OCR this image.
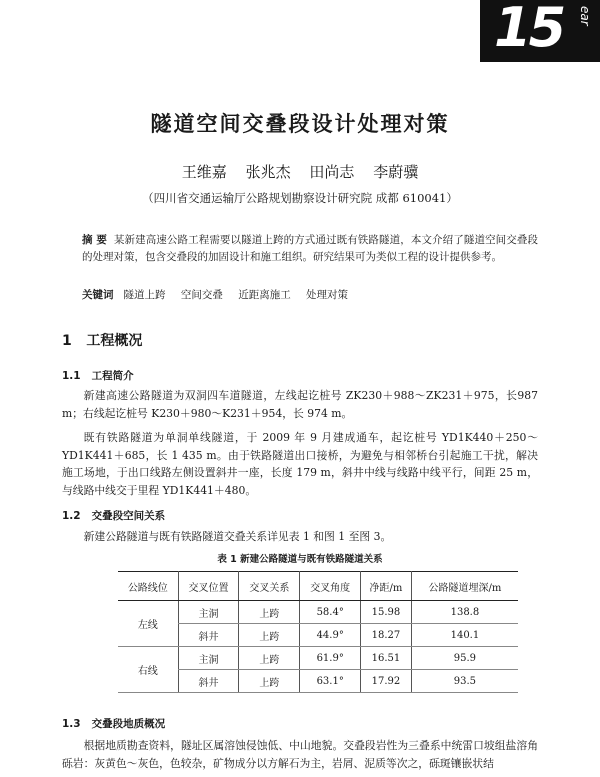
15 ear
隧道空间交叠段设计处理对策
王维嘉 张兆杰 田尚志 李蔚骥
（四川省交通运输厅公路规划勘察设计研究院 成都 610041）
摘 要 某新建高速公路工程需要以隧道上跨的方式通过既有铁路隧道，本文介绍了隧道空间交叠段的处理对策，包含交叠段的加固设计和施工组织。研究结果可为类似工程的设计提供参考。
关键词 隧道上跨 空间交叠 近距离施工 处理对策
1 工程概况
1.1 工程简介
新建高速公路隧道为双洞四车道隧道，左线起讫桩号 ZK230＋988～ZK231＋975，长987 m；右线起讫桩号 K230＋980～K231＋954，长 974 m。
既有铁路隧道为单洞单线隧道，于 2009 年 9 月建成通车，起讫桩号 YD1K440＋250～YD1K441＋685，长 1 435 m。由于铁路隧道出口接桥，为避免与相邻桥台引起施工干扰，解决施工场地，于出口线路左侧设置斜井一座，长度 179 m，斜井中线与线路中线平行，间距 25 m，与线路中线交于里程 YD1K441＋480。
1.2 交叠段空间关系
新建公路隧道与既有铁路隧道交叠关系详见表 1 和图 1 至图 3。
表 1 新建公路隧道与既有铁路隧道关系
公路线位	交叉位置	交叉关系	交叉角度	净距/m	公路隧道埋深/m
左线	主洞	上跨	58.4°	15.98	138.8
	斜井	上跨	44.9°	18.27	140.1
右线	主洞	上跨	61.9°	16.51	95.9
	斜井	上跨	63.1°	17.92	93.5
1.3 交叠段地质概况
根据地质勘查资料，隧址区属溶蚀侵蚀低、中山地貌。交叠段岩性为三叠系中统雷口坡组盐溶角砾岩：灰黄色～灰色，色较杂，矿物成分以方解石为主，岩屑、泥质等次之，砾斑镶嵌状结
